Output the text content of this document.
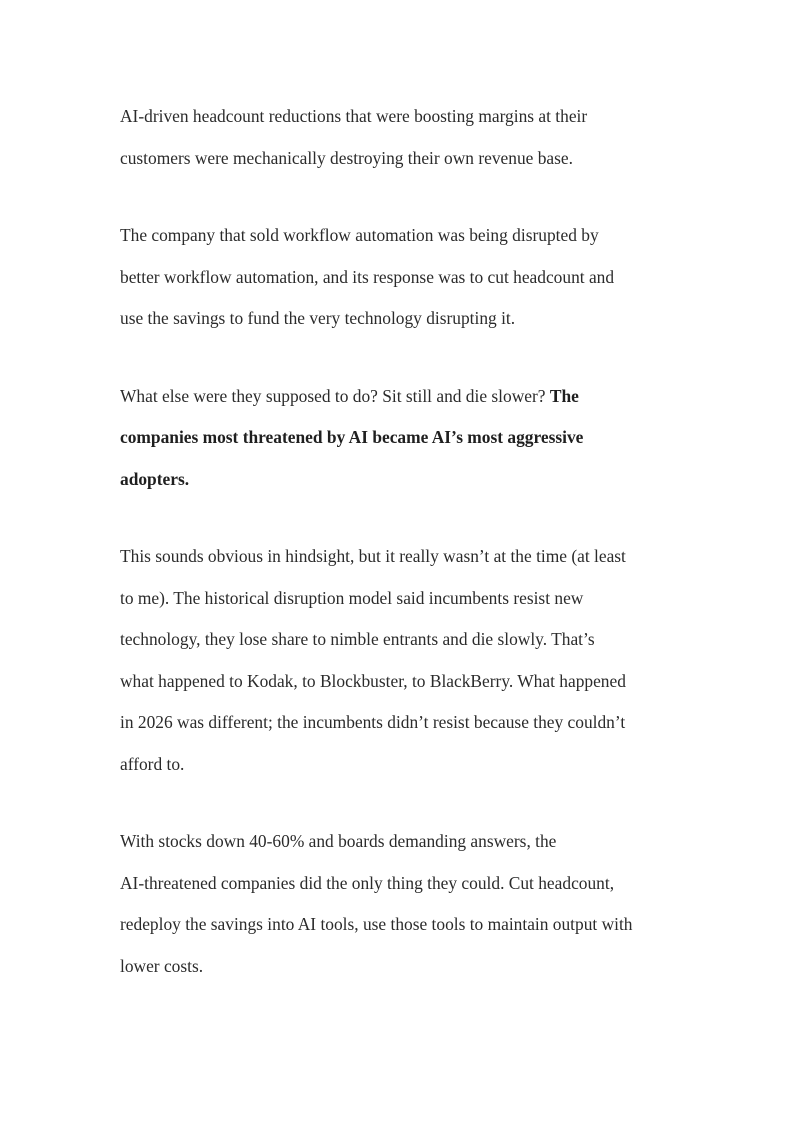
AI-driven headcount reductions that were boosting margins at their
customers were mechanically destroying their own revenue base.

The company that sold workflow automation was being disrupted by
better workflow automation, and its response was to cut headcount and
use the savings to fund the very technology disrupting it.

What else were they supposed to do? Sit still and die slower? The
companies most threatened by AI became AI’s most aggressive
adopters.

This sounds obvious in hindsight, but it really wasn’t at the time (at least
to me). The historical disruption model said incumbents resist new
technology, they lose share to nimble entrants and die slowly. That’s
what happened to Kodak, to Blockbuster, to BlackBerry. What happened
in 2026 was different; the incumbents didn’t resist because they couldn’t
afford to.

With stocks down 40-60% and boards demanding answers, the
AI-threatened companies did the only thing they could. Cut headcount,
redeploy the savings into AI tools, use those tools to maintain output with
lower costs.
